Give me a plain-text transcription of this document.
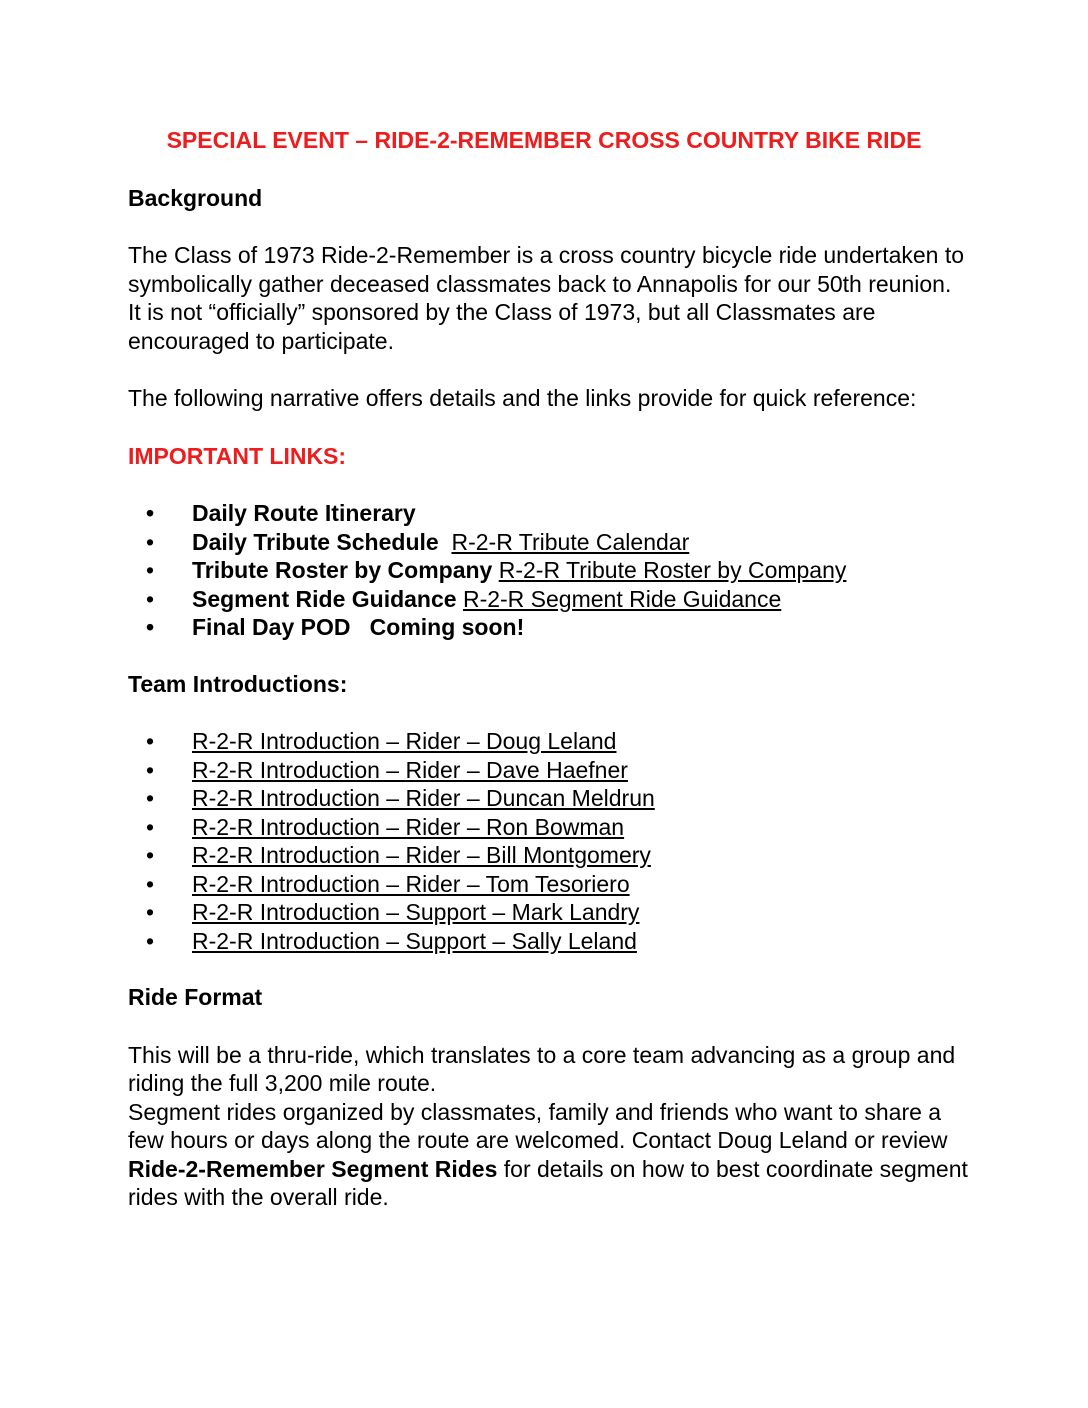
SPECIAL EVENT – RIDE-2-REMEMBER CROSS COUNTRY BIKE RIDE
Background

The Class of 1973 Ride-2-Remember is a cross country bicycle ride undertaken to symbolically gather deceased classmates back to Annapolis for our 50th reunion. It is not “officially” sponsored by the Class of 1973, but all Classmates are encouraged to participate.

The following narrative offers details and the links provide for quick reference:

IMPORTANT LINKS:
• Daily Route Itinerary
• Daily Tribute Schedule R-2-R Tribute Calendar
• Tribute Roster by Company R-2-R Tribute Roster by Company
• Segment Ride Guidance R-2-R Segment Ride Guidance
• Final Day POD Coming soon!
Team Introductions:
• R-2-R Introduction – Rider – Doug Leland
• R-2-R Introduction – Rider – Dave Haefner
• R-2-R Introduction – Rider – Duncan Meldrun
• R-2-R Introduction – Rider – Ron Bowman
• R-2-R Introduction – Rider – Bill Montgomery
• R-2-R Introduction – Rider – Tom Tesoriero
• R-2-R Introduction – Support – Mark Landry
• R-2-R Introduction – Support – Sally Leland
Ride Format

This will be a thru-ride, which translates to a core team advancing as a group and riding the full 3,200 mile route.

Segment rides organized by classmates, family and friends who want to share a few hours or days along the route are welcomed. Contact Doug Leland or review Ride-2-Remember Segment Rides for details on how to best coordinate segment rides with the overall ride.
